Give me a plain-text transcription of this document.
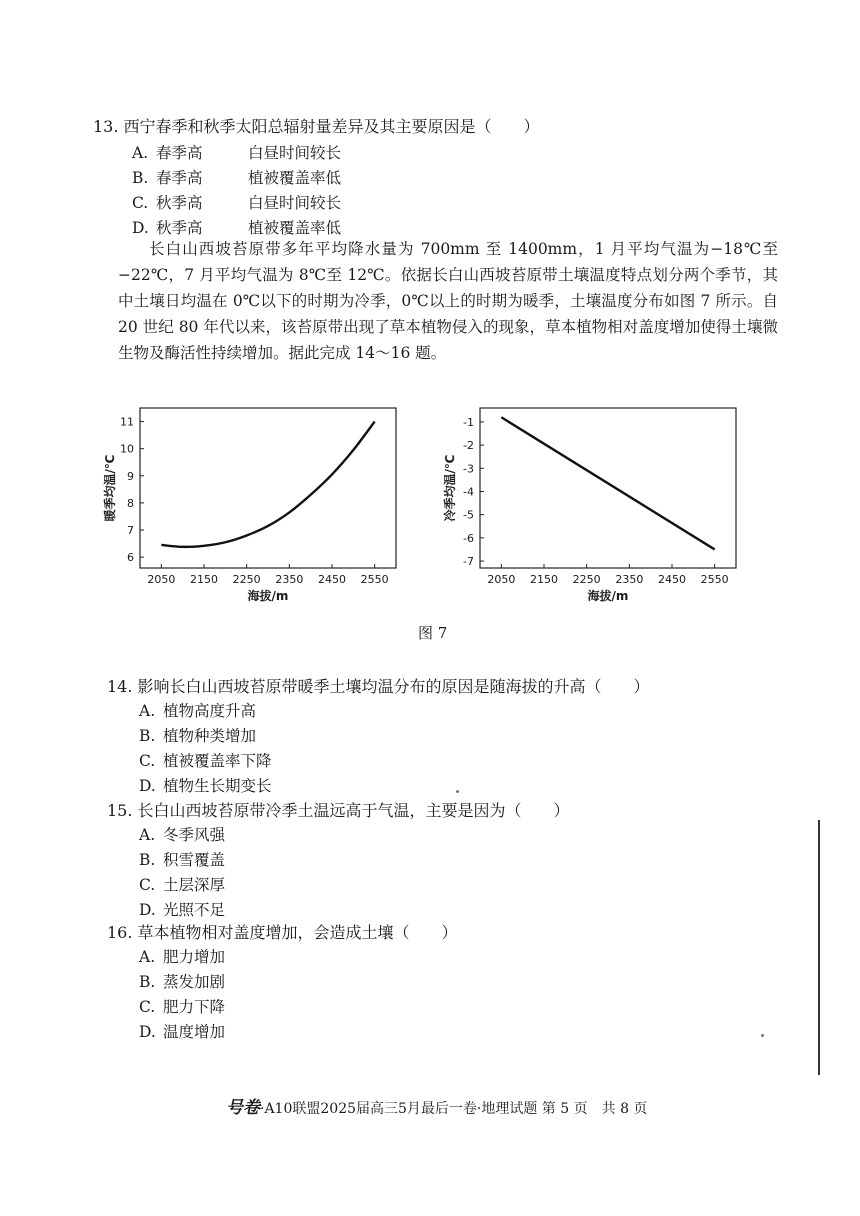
13. 西宁春季和秋季太阳总辐射量差异及其主要原因是（　　）
A. 春季高	白昼时间较长
B. 春季高	植被覆盖率低
C. 秋季高	白昼时间较长
D. 秋季高	植被覆盖率低
长白山西坡苔原带多年平均降水量为 700mm 至 1400mm，1 月平均气温为−18℃至−22℃，7 月平均气温为 8℃至 12℃。依据长白山西坡苔原带土壤温度特点划分两个季节，其中土壤日均温在 0℃以下的时期为冷季，0℃以上的时期为暖季，土壤温度分布如图 7 所示。自 20 世纪 80 年代以来，该苔原带出现了草本植物侵入的现象，草本植物相对盖度增加使得土壤微生物及酶活性持续增加。据此完成 14～16 题。
2050 2150 2250 2350 2450 2550
6
7
8
9
10
11
海拔/m
暖季均温/℃
2050 2150 2250 2350 2450 2550
-1
-2
-3
-4
-5
-6
-7
海拔/m
冷季均温/℃
图 7
14. 影响长白山西坡苔原带暖季土壤均温分布的原因是随海拔的升高（　　）
A. 植物高度升高
B. 植物种类增加
C. 植被覆盖率下降
D. 植物生长期变长
15. 长白山西坡苔原带冷季土温远高于气温，主要是因为（　　）
A. 冬季风强
B. 积雪覆盖
C. 土层深厚
D. 光照不足
16. 草本植物相对盖度增加，会造成土壤（　　）
A. 肥力增加
B. 蒸发加剧
C. 肥力下降
D. 温度增加
号卷·A10联盟2025届高三5月最后一卷·地理试题 第 5 页　共 8 页
